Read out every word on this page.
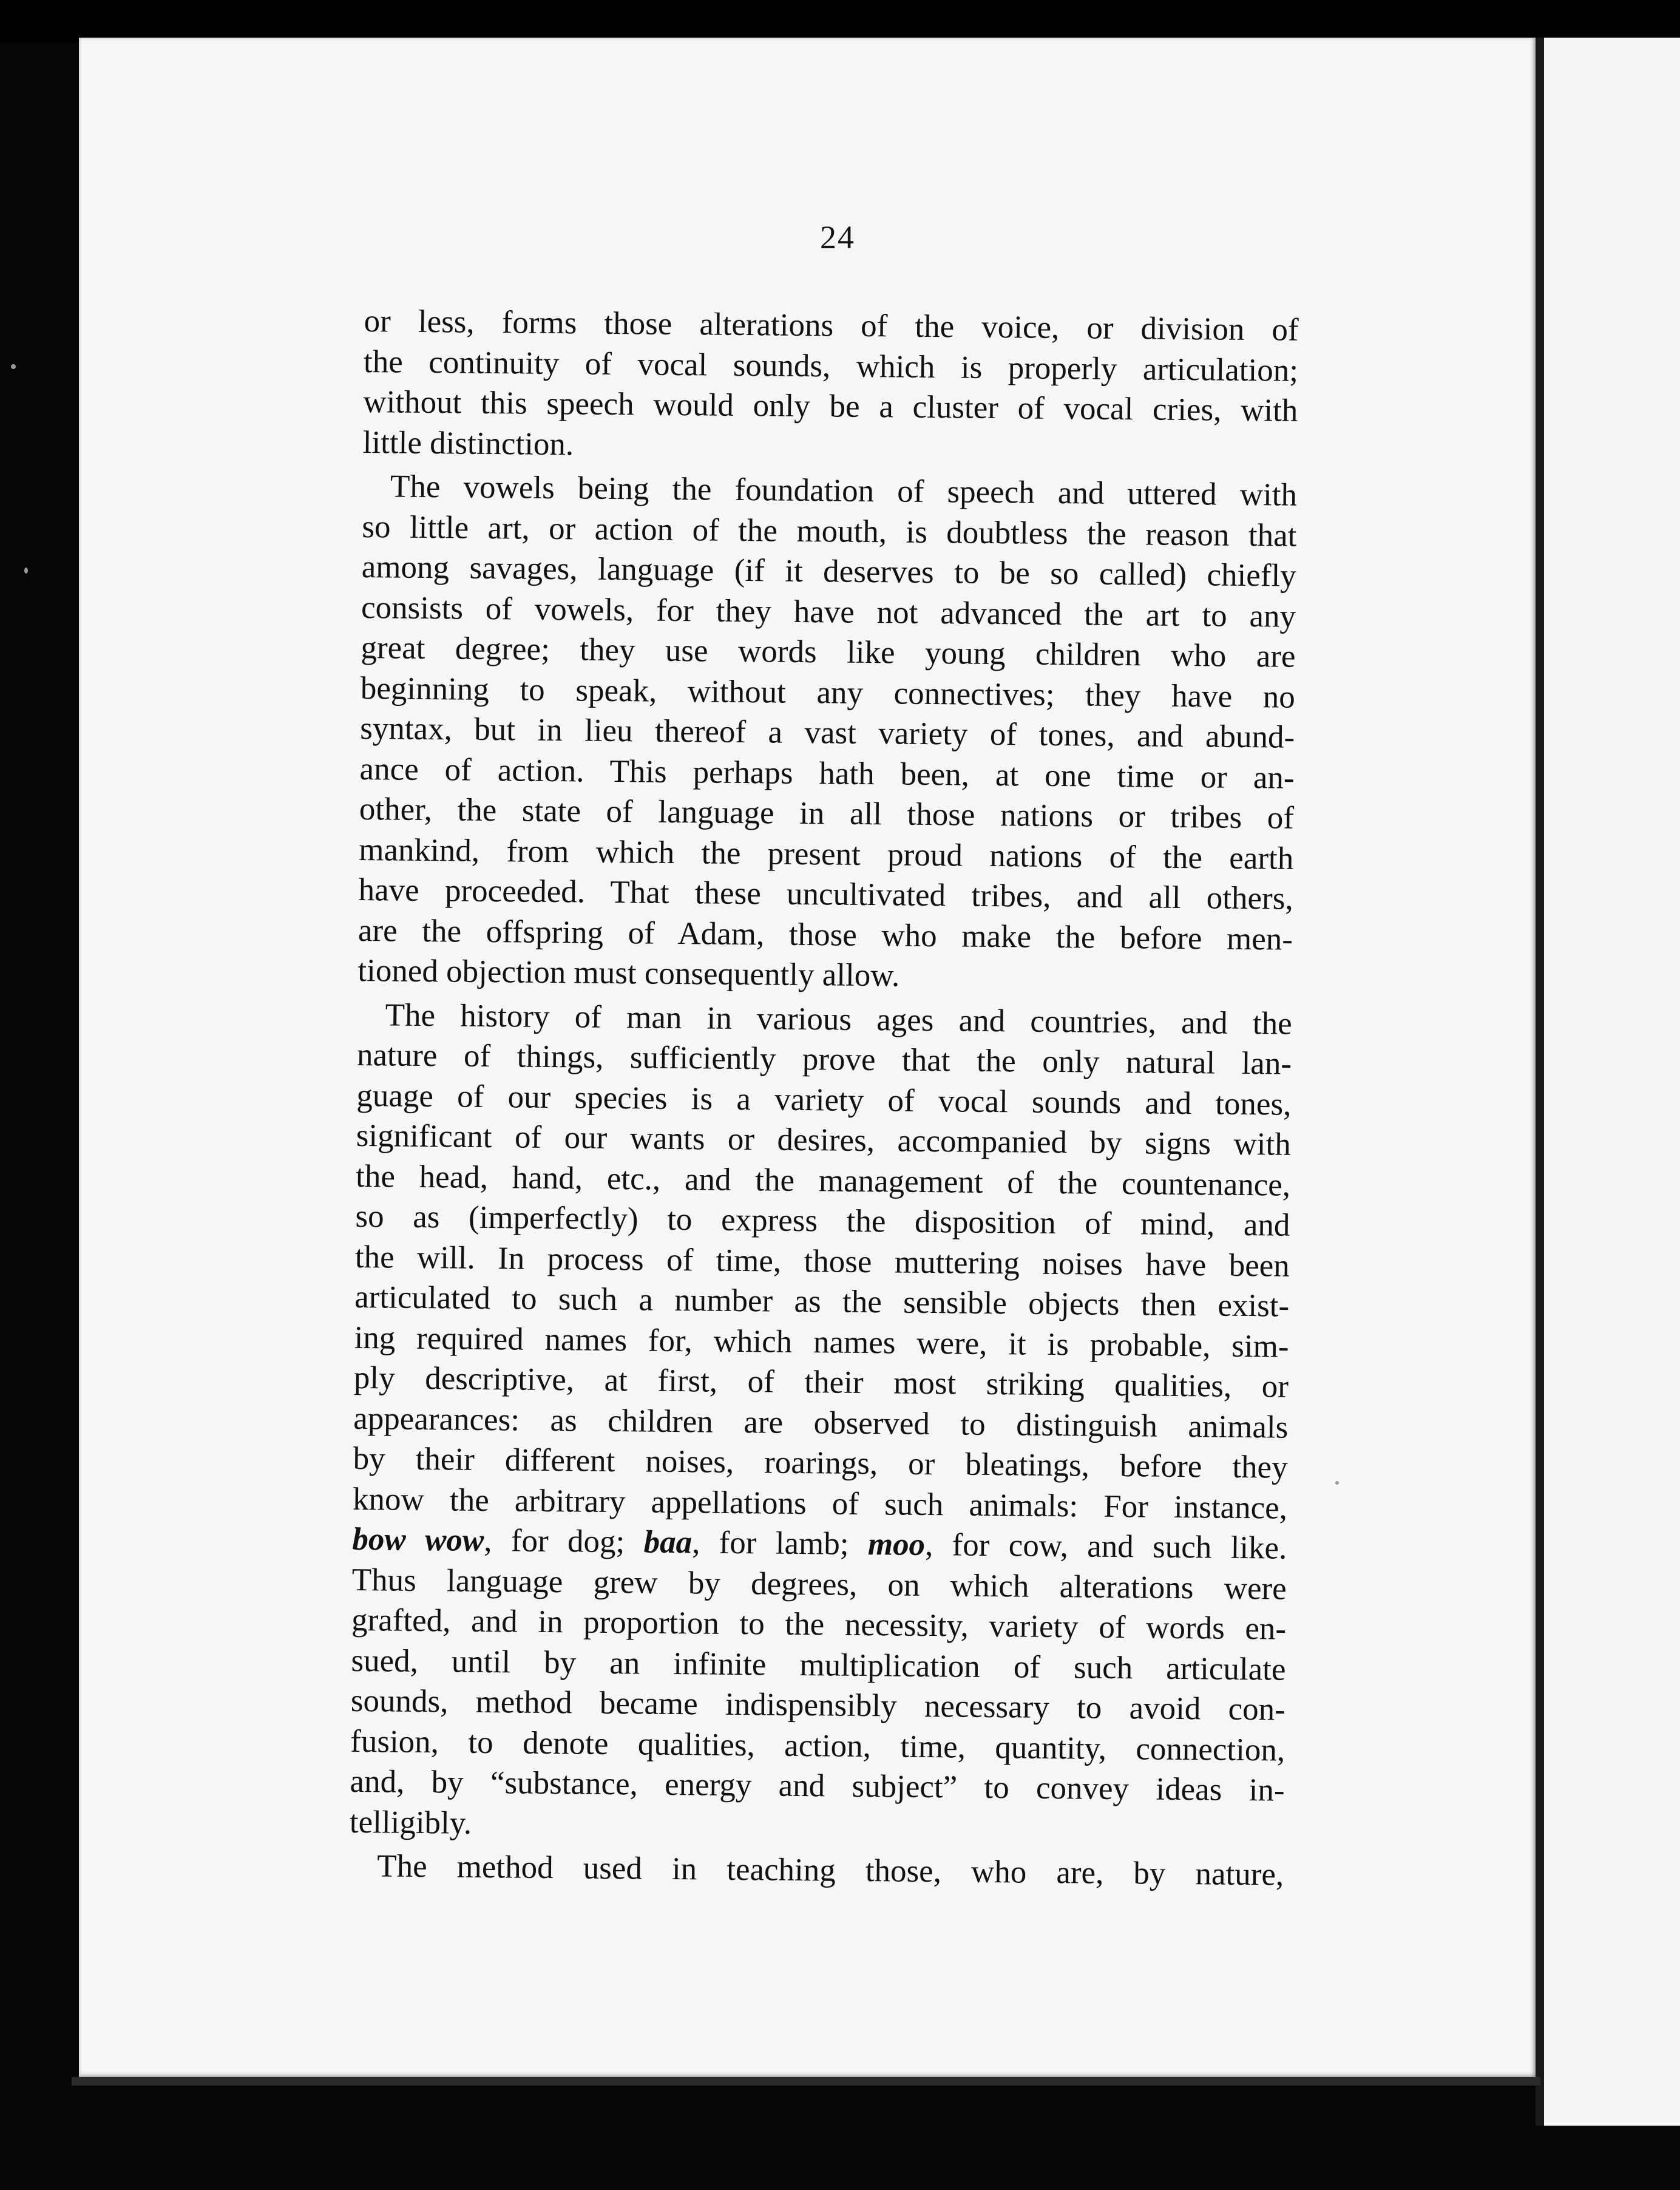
24
or less, forms those alterations of the voice, or division of
the continuity of vocal sounds, which is properly articulation;
without this speech would only be a cluster of vocal cries, with
little distinction.
The vowels being the foundation of speech and uttered with
so little art, or action of the mouth, is doubtless the reason that
among savages, language (if it deserves to be so called) chiefly
consists of vowels, for they have not advanced the art to any
great degree; they use words like young children who are
beginning to speak, without any connectives; they have no
syntax, but in lieu thereof a vast variety of tones, and abund-
ance of action. This perhaps hath been, at one time or an-
other, the state of language in all those nations or tribes of
mankind, from which the present proud nations of the earth
have proceeded. That these uncultivated tribes, and all others,
are the offspring of Adam, those who make the before men-
tioned objection must consequently allow.
The history of man in various ages and countries, and the
nature of things, sufficiently prove that the only natural lan-
guage of our species is a variety of vocal sounds and tones,
significant of our wants or desires, accompanied by signs with
the head, hand, etc., and the management of the countenance,
so as (imperfectly) to express the disposition of mind, and
the will. In process of time, those muttering noises have been
articulated to such a number as the sensible objects then exist-
ing required names for, which names were, it is probable, sim-
ply descriptive, at first, of their most striking qualities, or
appearances: as children are observed to distinguish animals
by their different noises, roarings, or bleatings, before they
know the arbitrary appellations of such animals: For instance,
bow wow, for dog; baa, for lamb; moo, for cow, and such like.
Thus language grew by degrees, on which alterations were
grafted, and in proportion to the necessity, variety of words en-
sued, until by an infinite multiplication of such articulate
sounds, method became indispensibly necessary to avoid con-
fusion, to denote qualities, action, time, quantity, connection,
and, by “substance, energy and subject” to convey ideas in-
telligibly.
The method used in teaching those, who are, by nature,
